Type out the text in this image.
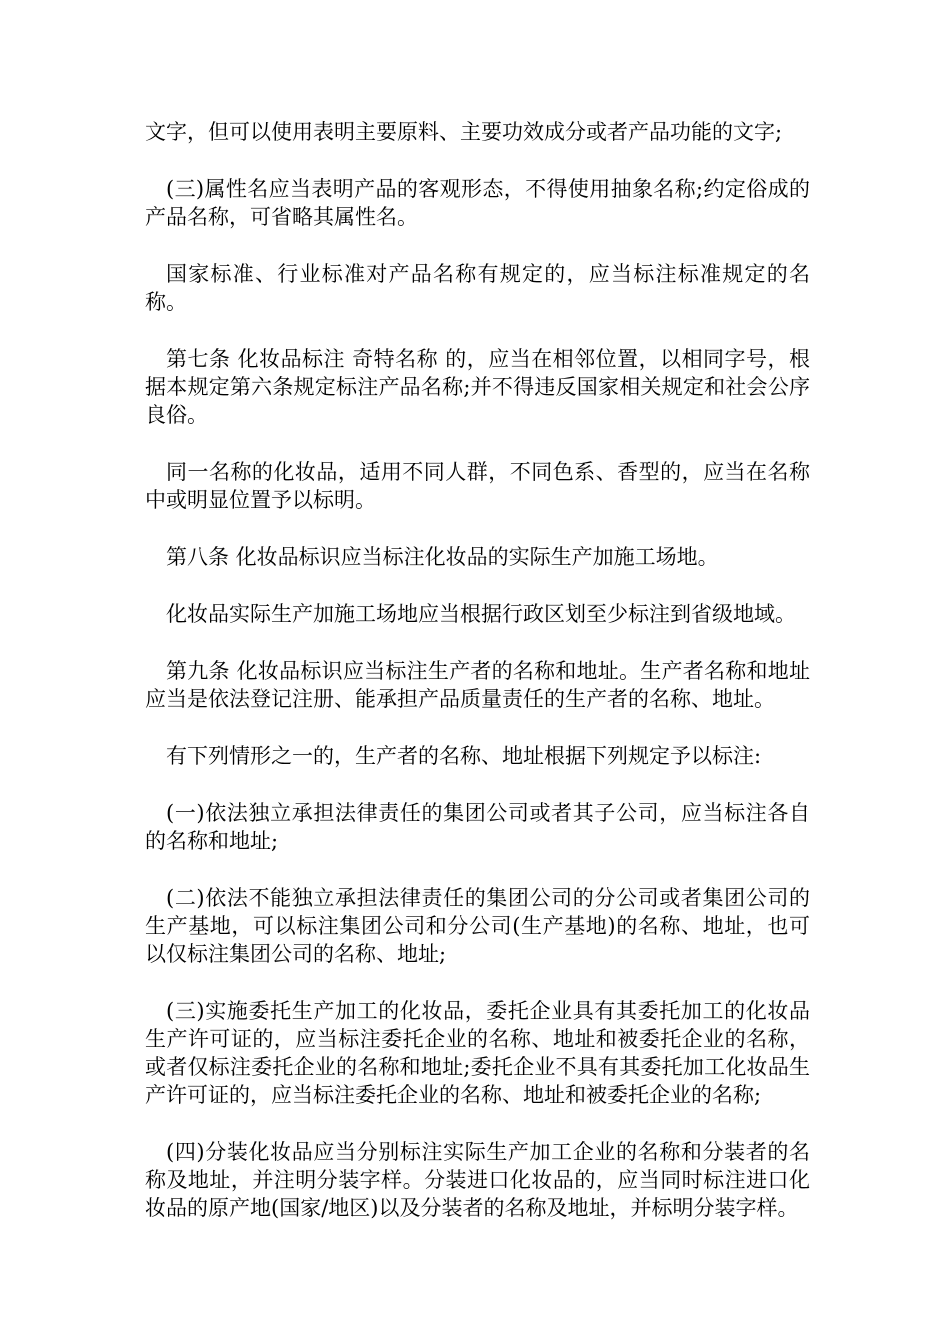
文字，但可以使用表明主要原料、主要功效成分或者产品功能的文字;

(三)属性名应当表明产品的客观形态，不得使用抽象名称;约定俗成的产品名称，可省略其属性名。

国家标准、行业标准对产品名称有规定的，应当标注标准规定的名称。

第七条 化妆品标注 奇特名称 的，应当在相邻位置，以相同字号，根据本规定第六条规定标注产品名称;并不得违反国家相关规定和社会公序良俗。

同一名称的化妆品，适用不同人群，不同色系、香型的，应当在名称中或明显位置予以标明。

第八条 化妆品标识应当标注化妆品的实际生产加施工场地。

化妆品实际生产加施工场地应当根据行政区划至少标注到省级地域。

第九条 化妆品标识应当标注生产者的名称和地址。生产者名称和地址应当是依法登记注册、能承担产品质量责任的生产者的名称、地址。

有下列情形之一的，生产者的名称、地址根据下列规定予以标注:

(一)依法独立承担法律责任的集团公司或者其子公司，应当标注各自的名称和地址;

(二)依法不能独立承担法律责任的集团公司的分公司或者集团公司的生产基地，可以标注集团公司和分公司(生产基地)的名称、地址，也可以仅标注集团公司的名称、地址;

(三)实施委托生产加工的化妆品，委托企业具有其委托加工的化妆品生产许可证的，应当标注委托企业的名称、地址和被委托企业的名称，或者仅标注委托企业的名称和地址;委托企业不具有其委托加工化妆品生产许可证的，应当标注委托企业的名称、地址和被委托企业的名称;

(四)分装化妆品应当分别标注实际生产加工企业的名称和分装者的名称及地址，并注明分装字样。分装进口化妆品的，应当同时标注进口化妆品的原产地(国家/地区)以及分装者的名称及地址，并标明分装字样。
